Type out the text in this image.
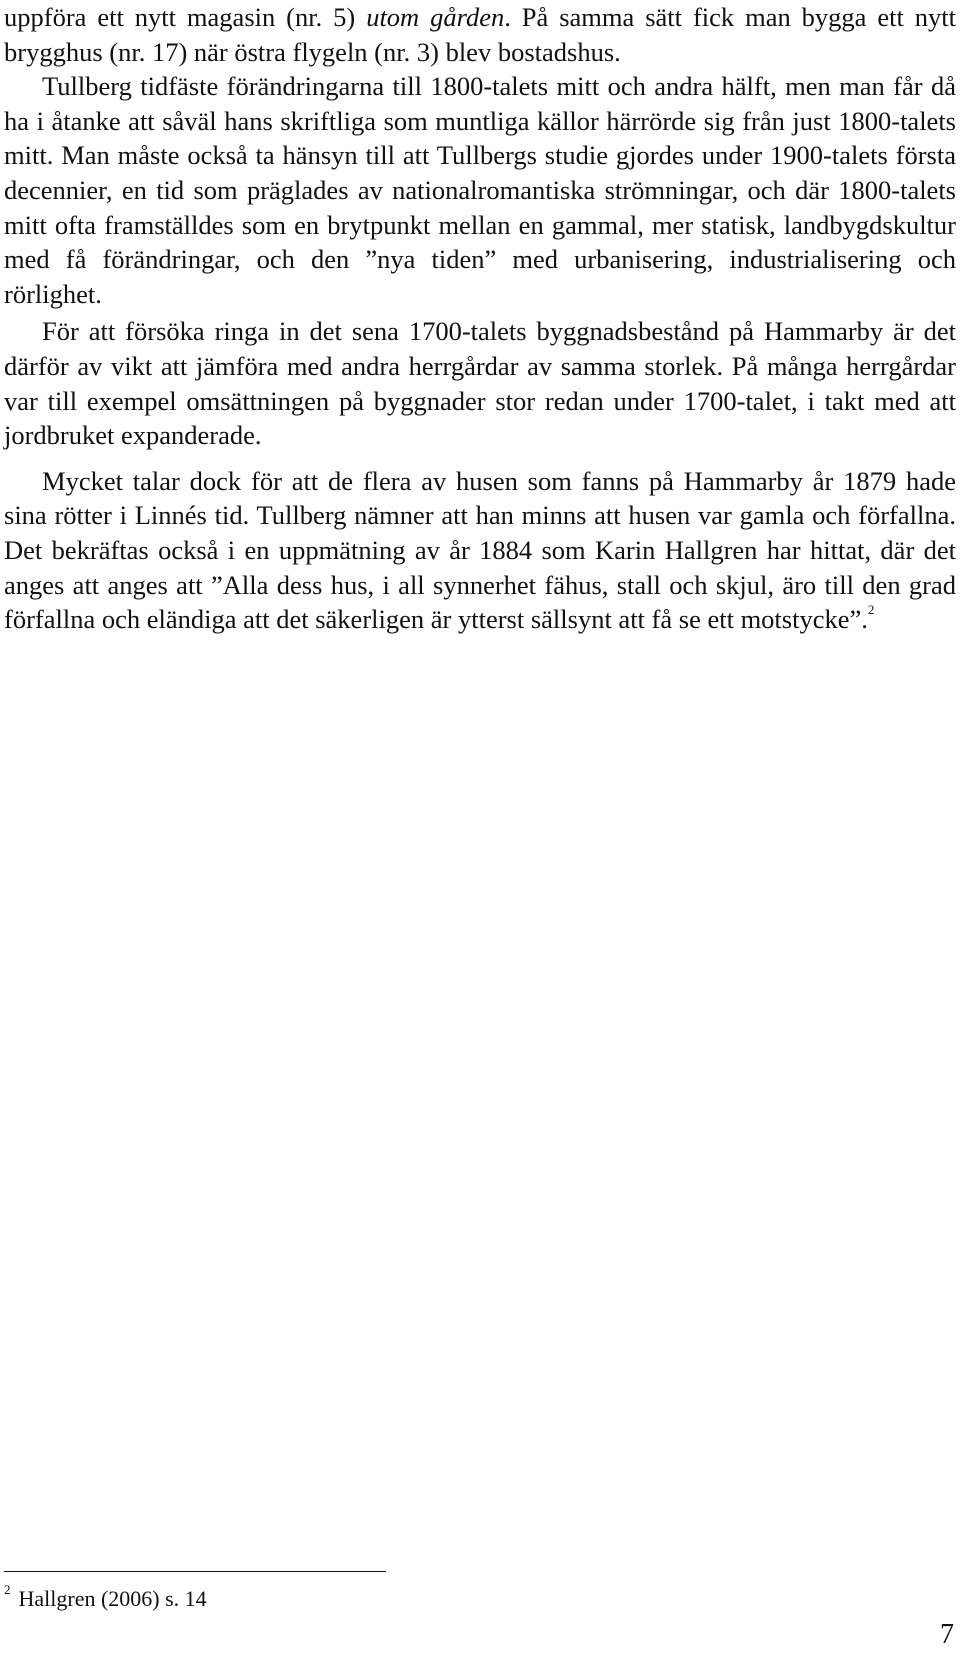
uppföra ett nytt magasin (nr. 5) utom gården. På samma sätt fick man bygga ett nytt brygghus (nr. 17) när östra flygeln (nr. 3) blev bostadshus.

Tullberg tidfäste förändringarna till 1800-talets mitt och andra hälft, men man får då ha i åtanke att såväl hans skriftliga som muntliga källor härrörde sig från just 1800-talets mitt. Man måste också ta hänsyn till att Tullbergs studie gjordes under 1900-talets första decennier, en tid som präglades av nationalromantiska strömningar, och där 1800-talets mitt ofta framställdes som en brytpunkt mellan en gammal, mer statisk, landbygdskultur med få förändringar, och den ”nya tiden” med urbanisering, industrialisering och rörlighet.

För att försöka ringa in det sena 1700-talets byggnadsbestånd på Hammarby är det därför av vikt att jämföra med andra herrgårdar av samma storlek. På många herrgårdar var till exempel omsättningen på byggnader stor redan under 1700-talet, i takt med att jordbruket expanderade.

Mycket talar dock för att de flera av husen som fanns på Hammarby år 1879 hade sina rötter i Linnés tid. Tullberg nämner att han minns att husen var gamla och förfallna. Det bekräftas också i en uppmätning av år 1884 som Karin Hallgren har hittat, där det anges att anges att ”Alla dess hus, i all synnerhet fähus, stall och skjul, äro till den grad förfallna och eländiga att det säkerligen är ytterst sällsynt att få se ett motstycke”.$^2$

$^2$ Hallgren (2006) s. 14
7
